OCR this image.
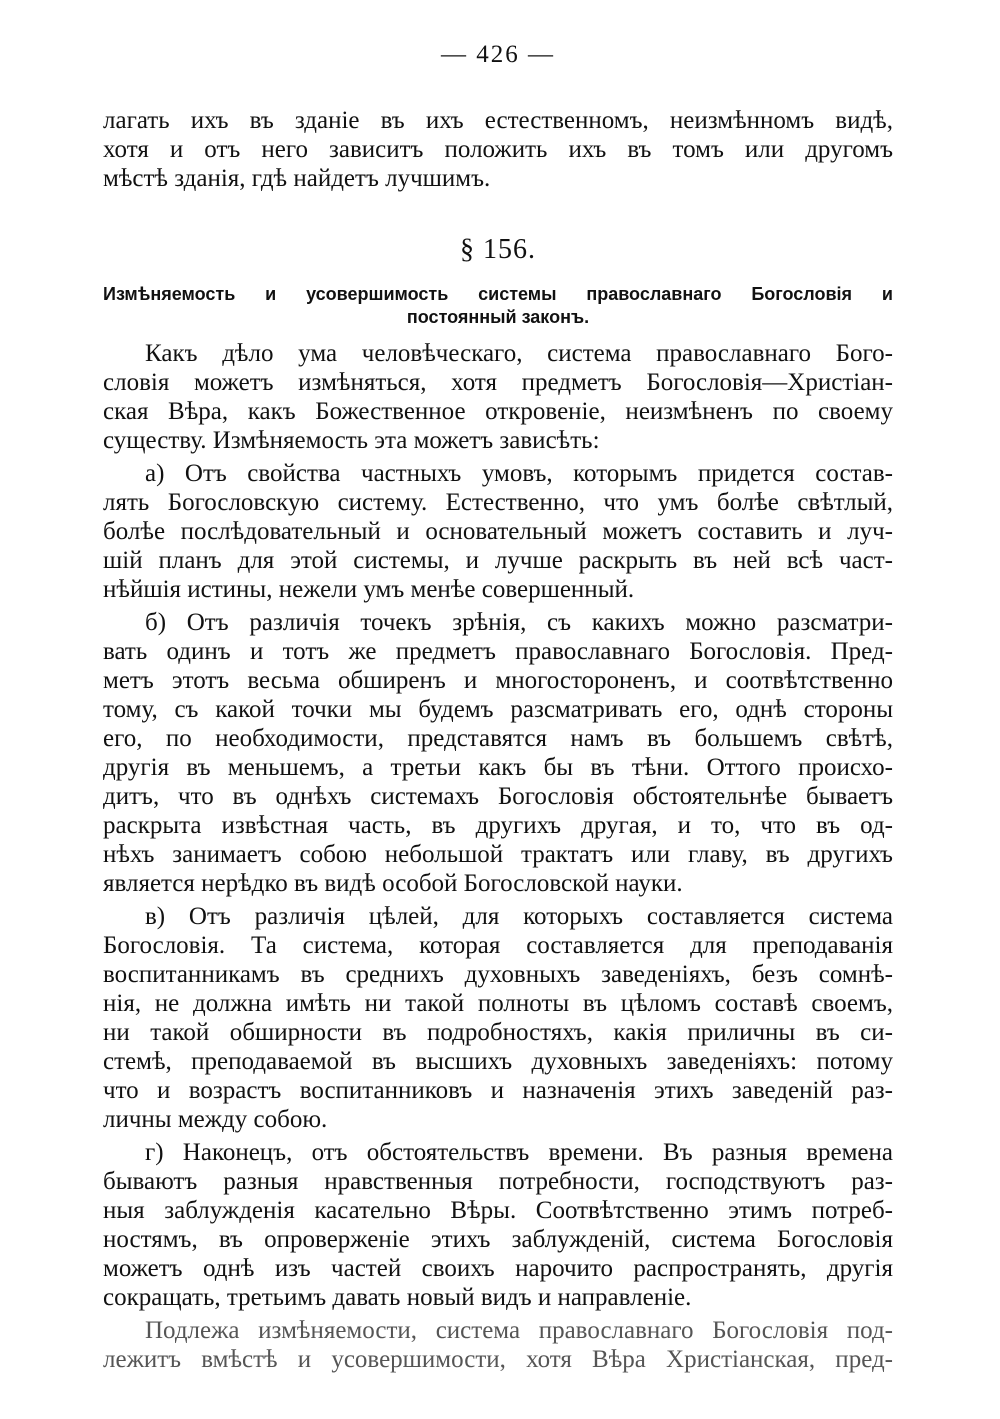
— 426 —
лагать ихъ въ зданіе въ ихъ естественномъ, неизмѣнномъ видѣ,
хотя и отъ него зависитъ положить ихъ въ томъ или другомъ
мѣстѣ зданія, гдѣ найдетъ лучшимъ.
§ 156.
Измѣняемость и усовершимость системы православнаго Богословія и
постоянный законъ.
Какъ дѣло ума человѣческаго, система православнаго Бого-
словія можетъ измѣняться, хотя предметъ Богословія—Христіан-
ская Вѣра, какъ Божественное откровеніе, неизмѣненъ по своему
существу. Измѣняемость эта можетъ зависѣть:
а) Отъ свойства частныхъ умовъ, которымъ придется состав-
лять Богословскую систему. Естественно, что умъ болѣе свѣтлый,
болѣе послѣдовательный и основательный можетъ составить и луч-
шій планъ для этой системы, и лучше раскрыть въ ней всѣ част-
нѣйшія истины, нежели умъ менѣе совершенный.
б) Отъ различія точекъ зрѣнія, съ какихъ можно разсматри-
вать одинъ и тотъ же предметъ православнаго Богословія. Пред-
метъ этотъ весьма обширенъ и многостороненъ, и соотвѣтственно
тому, съ какой точки мы будемъ разсматривать его, однѣ стороны
его, по необходимости, представятся намъ въ большемъ свѣтѣ,
другія въ меньшемъ, а третьи какъ бы въ тѣни. Оттого происхо-
дитъ, что въ однѣхъ системахъ Богословія обстоятельнѣе бываетъ
раскрыта извѣстная часть, въ другихъ другая, и то, что въ од-
нѣхъ занимаетъ собою небольшой трактатъ или главу, въ другихъ
является нерѣдко въ видѣ особой Богословской науки.
в) Отъ различія цѣлей, для которыхъ составляется система
Богословія. Та система, которая составляется для преподаванія
воспитанникамъ въ среднихъ духовныхъ заведеніяхъ, безъ сомнѣ-
нія, не должна имѣть ни такой полноты въ цѣломъ составѣ своемъ,
ни такой обширности въ подробностяхъ, какія приличны въ си-
стемѣ, преподаваемой въ высшихъ духовныхъ заведеніяхъ: потому
что и возрастъ воспитанниковъ и назначенія этихъ заведеній раз-
личны между собою.
г) Наконецъ, отъ обстоятельствъ времени. Въ разныя времена
бываютъ разныя нравственныя потребности, господствуютъ раз-
ныя заблужденія касательно Вѣры. Соотвѣтственно этимъ потреб-
ностямъ, въ опроверженіе этихъ заблужденій, система Богословія
можетъ однѣ изъ частей своихъ нарочито распространять, другія
сокращать, третьимъ давать новый видъ и направленіе.
Подлежа измѣняемости, система православнаго Богословія под-
лежитъ вмѣстѣ и усовершимости, хотя Вѣра Христіанская, пред-
